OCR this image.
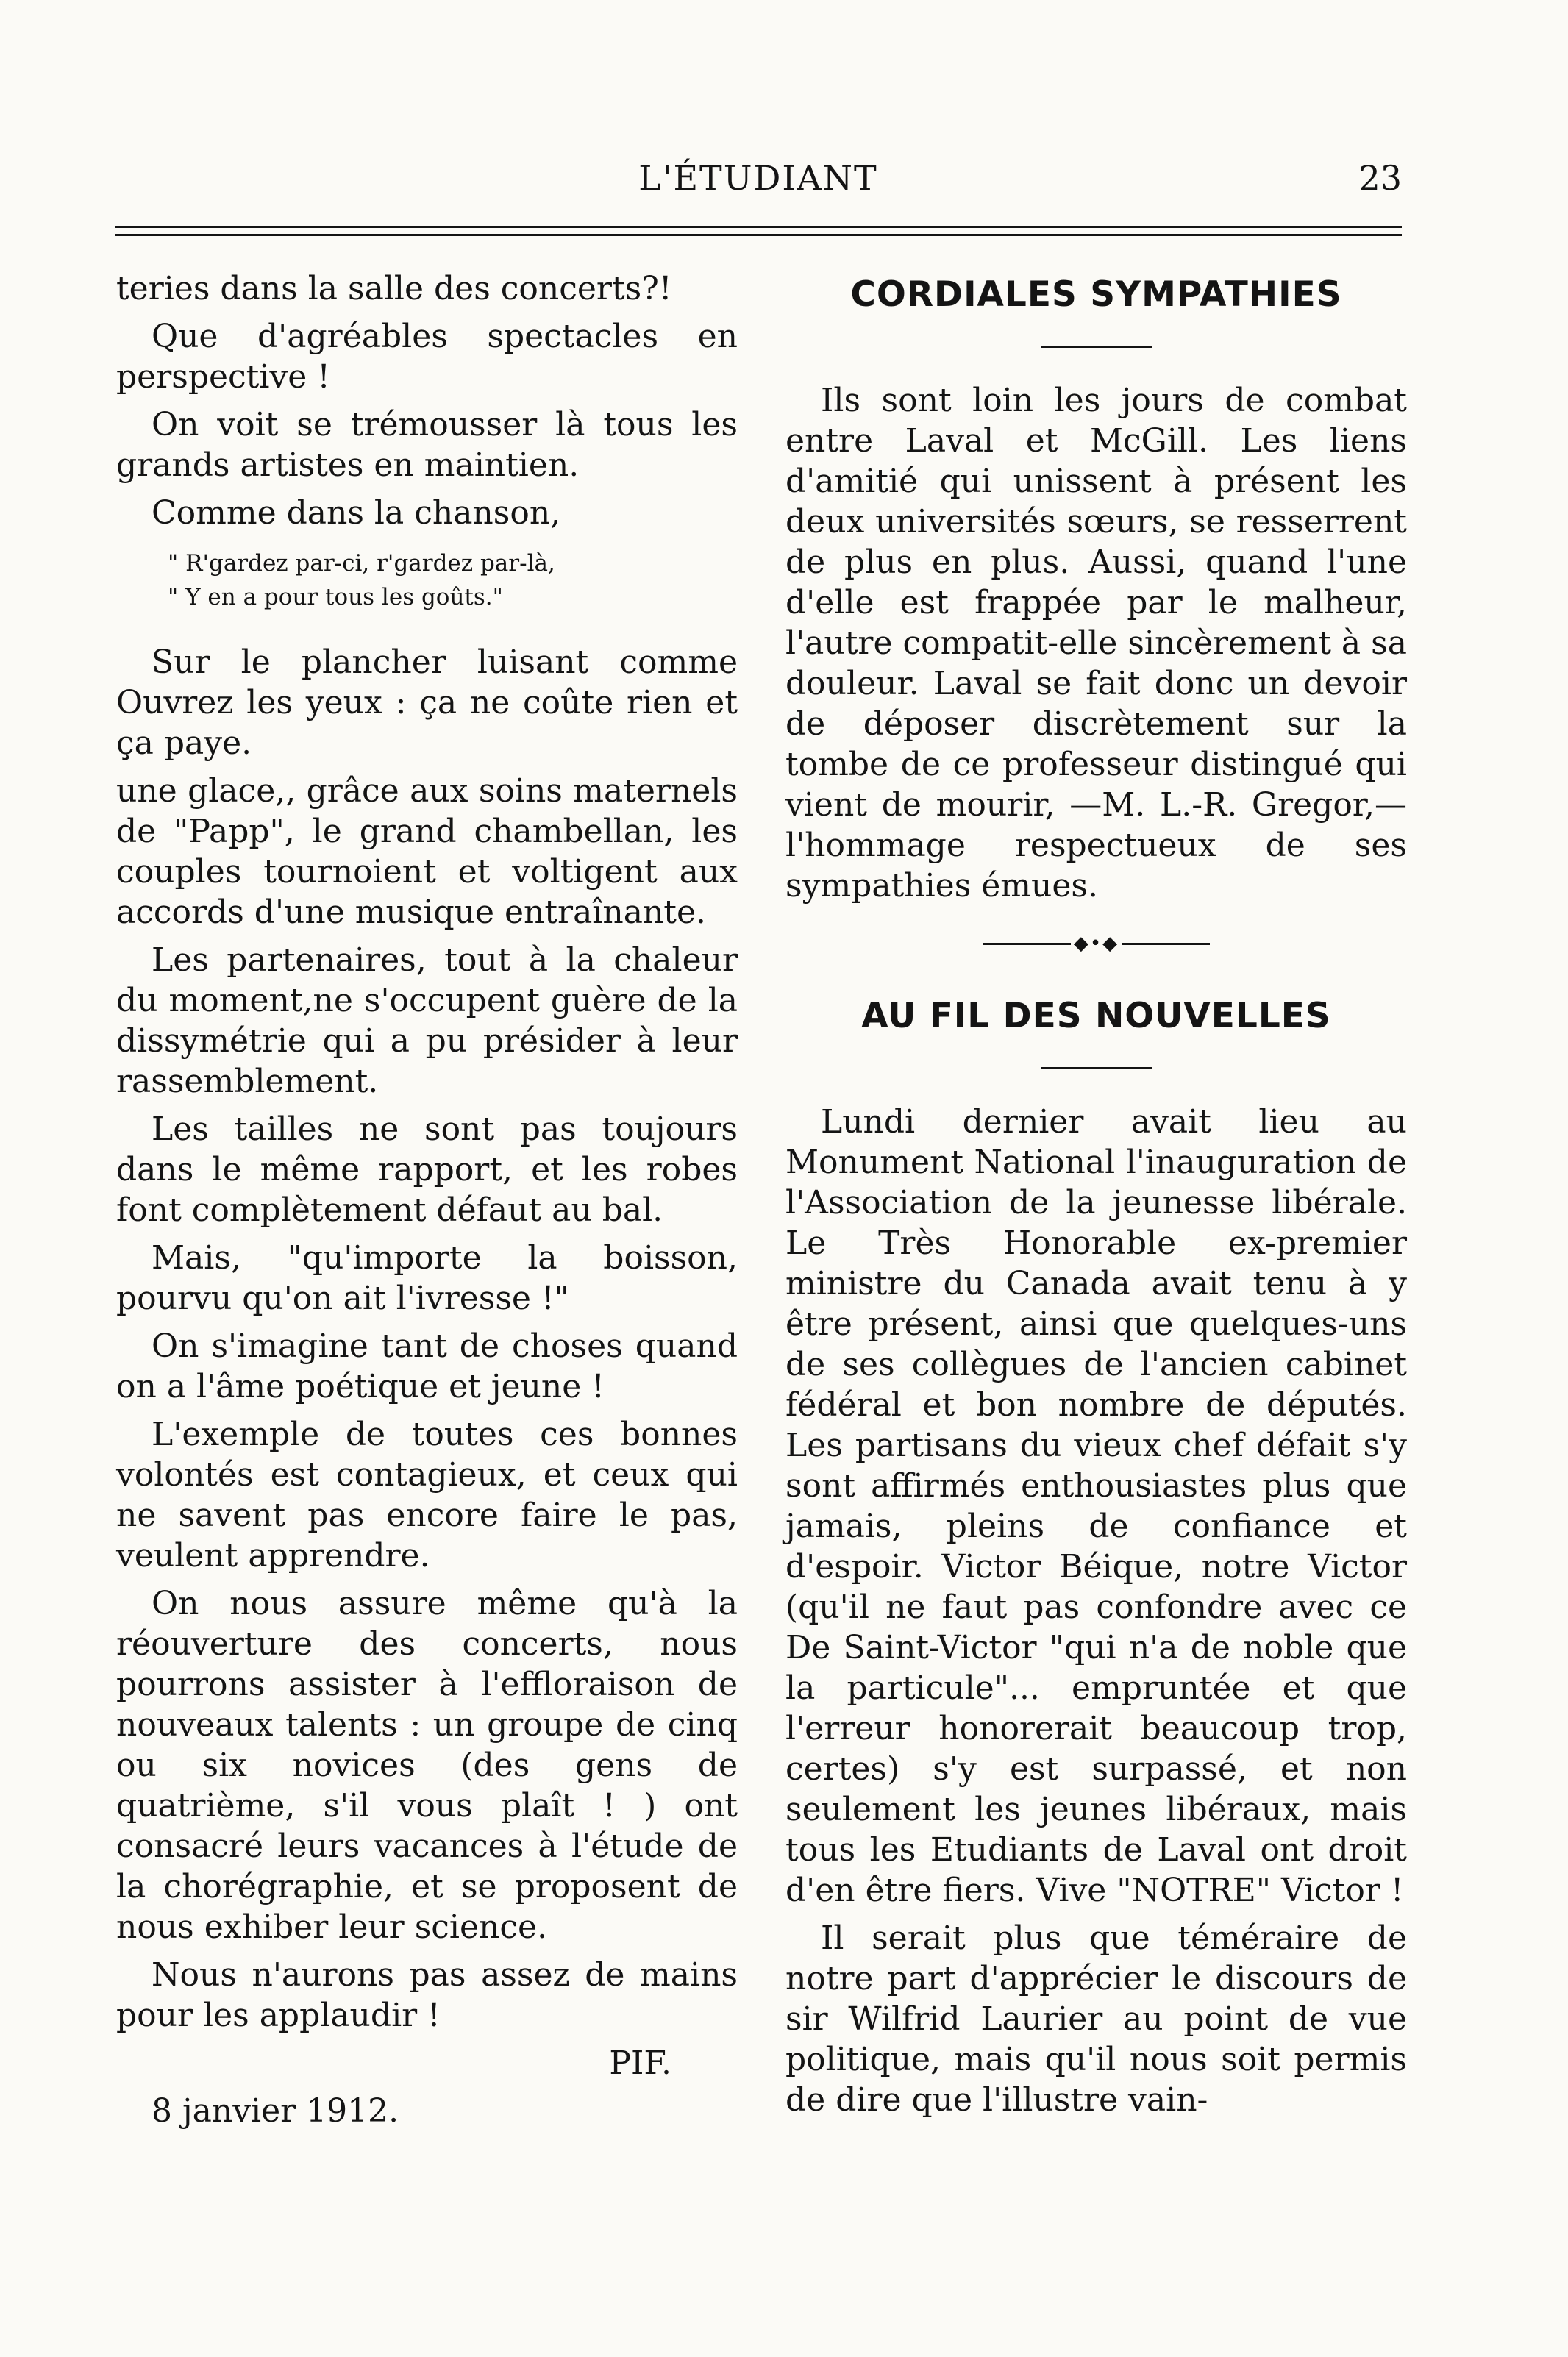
L'ÉTUDIANT	23

teries dans la salle des concerts?!

Que d'agréables spectacles en perspective !

On voit se trémousser là tous les grands artistes en maintien.

Comme dans la chanson,

" R'gardez par-ci, r'gardez par-là,
" Y en a pour tous les goûts."

Sur le plancher luisant comme Ouvrez les yeux : ça ne coûte rien et ça paye.

une glace,, grâce aux soins maternels de "Papp", le grand chambellan, les couples tournoient et voltigent aux accords d'une musique entraînante.

Les partenaires, tout à la chaleur du moment,ne s'occupent guère de la dissymétrie qui a pu présider à leur rassemblement.

Les tailles ne sont pas toujours dans le même rapport, et les robes font complètement défaut au bal.

Mais, "qu'importe la boisson, pourvu qu'on ait l'ivresse !"

On s'imagine tant de choses quand on a l'âme poétique et jeune !

L'exemple de toutes ces bonnes volontés est contagieux, et ceux qui ne savent pas encore faire le pas, veulent apprendre.

On nous assure même qu'à la réouverture des concerts, nous pourrons assister à l'effloraison de nouveaux talents : un groupe de cinq ou six novices (des gens de quatrième, s'il vous plaît ! ) ont consacré leurs vacances à l'étude de la chorégraphie, et se proposent de nous exhiber leur science.

Nous n'aurons pas assez de mains pour les applaudir !

PIF.

8 janvier 1912.

CORDIALES SYMPATHIES

Ils sont loin les jours de combat entre Laval et McGill. Les liens d'amitié qui unissent à présent les deux universités sœurs, se resserrent de plus en plus. Aussi, quand l'une d'elle est frappée par le malheur, l'autre compatit-elle sincèrement à sa douleur. Laval se fait donc un devoir de déposer discrètement sur la tombe de ce professeur distingué qui vient de mourir, —M. L.-R. Gregor,—l'hommage respectueux de ses sympathies émues.

◆•◆
AU FIL DES NOUVELLES

Lundi dernier avait lieu au Monument National l'inauguration de l'Association de la jeunesse libérale. Le Très Honorable ex-premier ministre du Canada avait tenu à y être présent, ainsi que quelques-uns de ses collègues de l'ancien cabinet fédéral et bon nombre de députés. Les partisans du vieux chef défait s'y sont affirmés enthousiastes plus que jamais, pleins de confiance et d'espoir. Victor Béique, notre Victor (qu'il ne faut pas confondre avec ce De Saint-Victor "qui n'a de noble que la particule"... empruntée et que l'erreur honorerait beaucoup trop, certes) s'y est surpassé, et non seulement les jeunes libéraux, mais tous les Etudiants de Laval ont droit d'en être fiers. Vive "NOTRE" Victor !

Il serait plus que téméraire de notre part d'apprécier le discours de sir Wilfrid Laurier au point de vue politique, mais qu'il nous soit permis de dire que l'illustre vain-
